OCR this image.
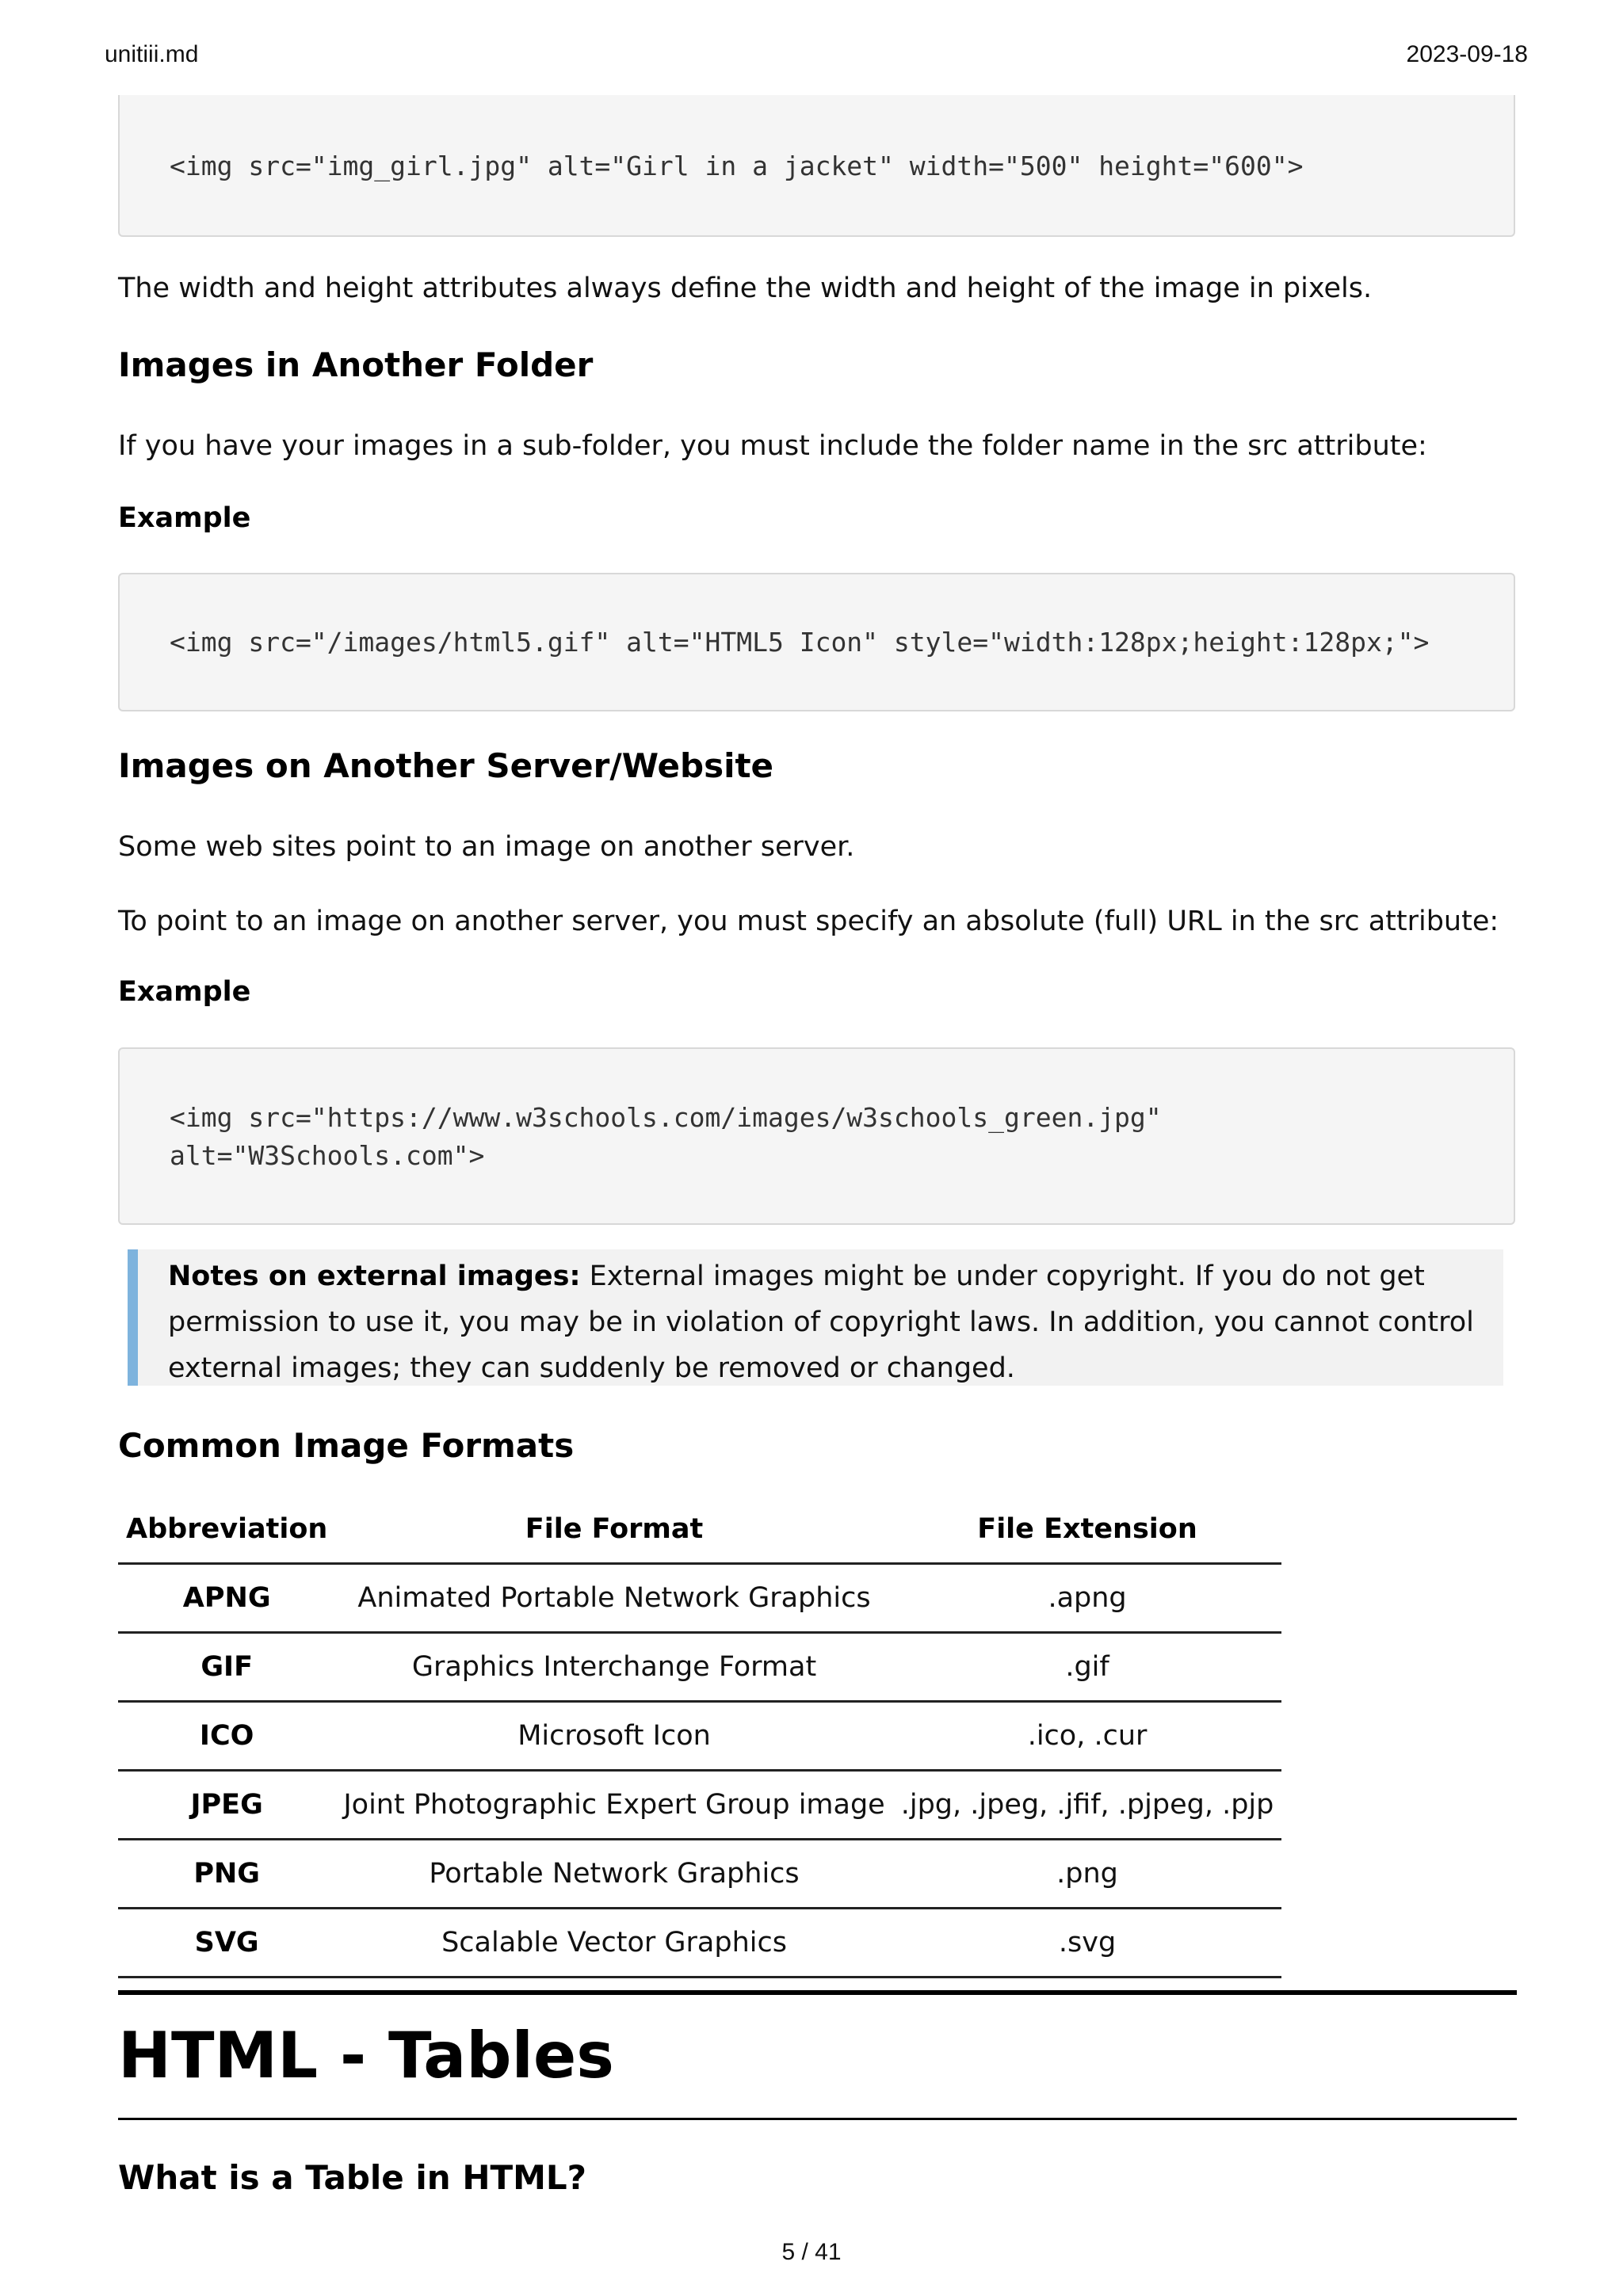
unitiii.md	2023-09-18
<img src="img_girl.jpg" alt="Girl in a jacket" width="500" height="600">
The width and height attributes always define the width and height of the image in pixels.
Images in Another Folder
If you have your images in a sub-folder, you must include the folder name in the src attribute:
Example
<img src="/images/html5.gif" alt="HTML5 Icon" style="width:128px;height:128px;">
Images on Another Server/Website
Some web sites point to an image on another server.
To point to an image on another server, you must specify an absolute (full) URL in the src attribute:
Example
<img src="https://www.w3schools.com/images/w3schools_green.jpg"
alt="W3Schools.com">
Notes on external images: External images might be under copyright. If you do not get permission to use it, you may be in violation of copyright laws. In addition, you cannot control external images; they can suddenly be removed or changed.
Common Image Formats
Abbreviation	File Format	File Extension
APNG	Animated Portable Network Graphics	.apng
GIF	Graphics Interchange Format	.gif
ICO	Microsoft Icon	.ico, .cur
JPEG	Joint Photographic Expert Group image	.jpg, .jpeg, .jfif, .pjpeg, .pjp
PNG	Portable Network Graphics	.png
SVG	Scalable Vector Graphics	.svg
HTML - Tables
What is a Table in HTML?
5 / 41
